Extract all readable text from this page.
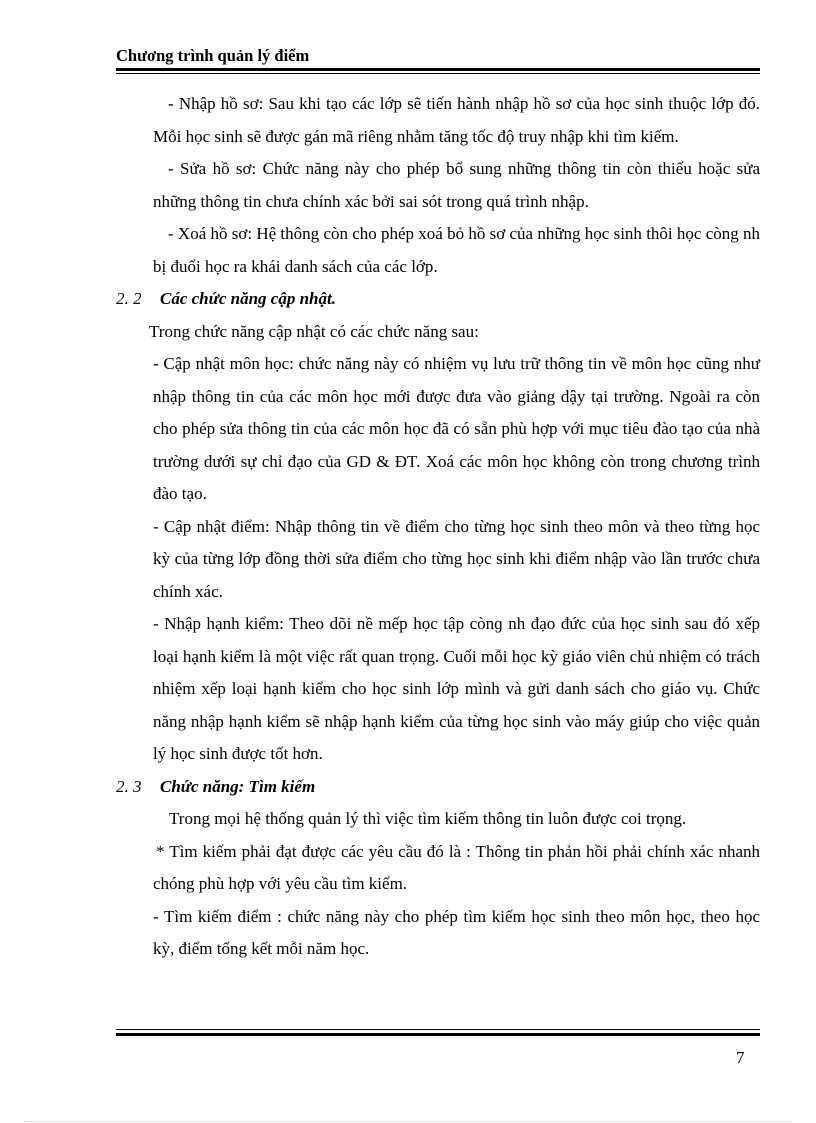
Chương trình quản lý điểm
- Nhập hồ sơ: Sau khi tạo các lớp sẽ tiến hành nhập hồ sơ của học sinh thuộc lớp đó. Mỗi học sinh sẽ được gán mã riêng nhằm tăng tốc độ truy nhập khi tìm kiếm.
- Sửa hồ sơ: Chức năng này cho phép bổ sung những thông tin còn thiếu hoặc sửa những thông tin chưa chính xác bởi sai sót trong quá trình nhập.
- Xoá hồ sơ: Hệ thông còn cho phép xoá bỏ hồ sơ của những học sinh thôi học còng nh bị đuổi học ra khái danh sách của các lớp.
2. 2 Các chức năng cập nhật.
Trong chức năng cập nhật có các chức năng sau:
- Cập nhật môn học: chức năng này có nhiệm vụ lưu trữ thông tin về môn học cũng như nhập thông tin của các môn học mới được đưa vào giảng dậy tại trường. Ngoài ra còn cho phép sửa thông tin của các môn học đã có sẵn phù hợp với mục tiêu đào tạo của nhà trường dưới sự chỉ đạo của GD & ĐT. Xoá các môn học không còn trong chương trình đào tạo.
- Cập nhật điểm: Nhập thông tin về điểm cho từng học sinh theo môn và theo từng học kỳ của từng lớp đồng thời sửa điểm cho từng học sinh khi điểm nhập vào lần trước chưa chính xác.
- Nhập hạnh kiểm: Theo dõi nề mếp học tập cònɡ nh đạo đức của học sinh sau đó xếp loại hạnh kiểm là một việc rất quan trọng. Cuối mỗi học kỳ giáo viên chủ nhiệm có trách nhiệm xếp loại hạnh kiểm cho học sinh lớp mình và gửi danh sách cho giáo vụ. Chức năng nhập hạnh kiểm sẽ nhập hạnh kiểm của từng học sinh vào máy giúp cho việc quản lý học sinh được tốt hơn.
2. 3 Chức năng: Tìm kiếm
Trong mọi hệ thống quản lý thì việc tìm kiếm thông tin luôn được coi trọng.
* Tìm kiếm phải đạt được các yêu cầu đó là : Thông tin phản hồi phải chính xác nhanh chóng phù hợp với yêu cầu tìm kiếm.
- Tìm kiếm điểm : chức năng này cho phép tìm kiếm học sinh theo môn học, theo học kỳ, điểm tổng kết mỗi năm học.
7
